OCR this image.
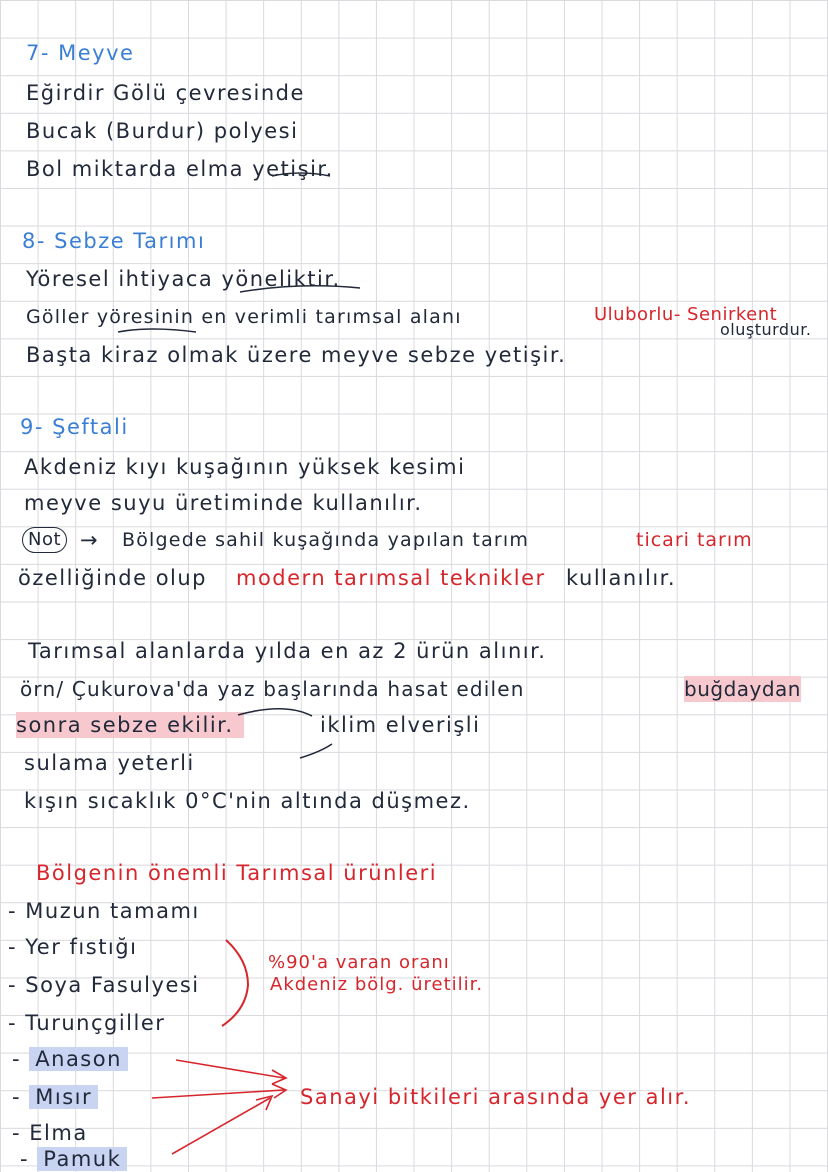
7- Meyve
Eğirdir Gölü çevresinde
Bucak (Burdur) polyesi
Bol miktarda elma yetişir.
8- Sebze Tarımı
Yöresel ihtiyaca yöneliktir.
Göller yöresinin en verimli tarımsal alanı	Uluborlu- Senirkent
oluşturdur.
Başta kiraz olmak üzere meyve sebze yetişir.
9- Şeftali
Akdeniz kıyı kuşağının yüksek kesimi
meyve suyu üretiminde kullanılır.
Not → Bölgede sahil kuşağında yapılan tarım	ticari tarım
özelliğinde olup modern tarımsal teknikler kullanılır.
Tarımsal alanlarda yılda en az 2 ürün alınır.
örn/ Çukurova'da yaz başlarında hasat edilen	buğdaydan
sonra sebze ekilir.	iklim elverişli
sulama yeterli
kışın sıcaklık 0°C'nin altında düşmez.
Bölgenin önemli Tarımsal ürünleri
- Muzun tamamı
- Yer fıstığı
- Soya Fasulyesi
- Turunçgiller
- Anason
- Mısır
- Elma
- Pamuk
%90'a varan oranı
Akdeniz bölg. üretilir.
Sanayi bitkileri arasında yer alır.
